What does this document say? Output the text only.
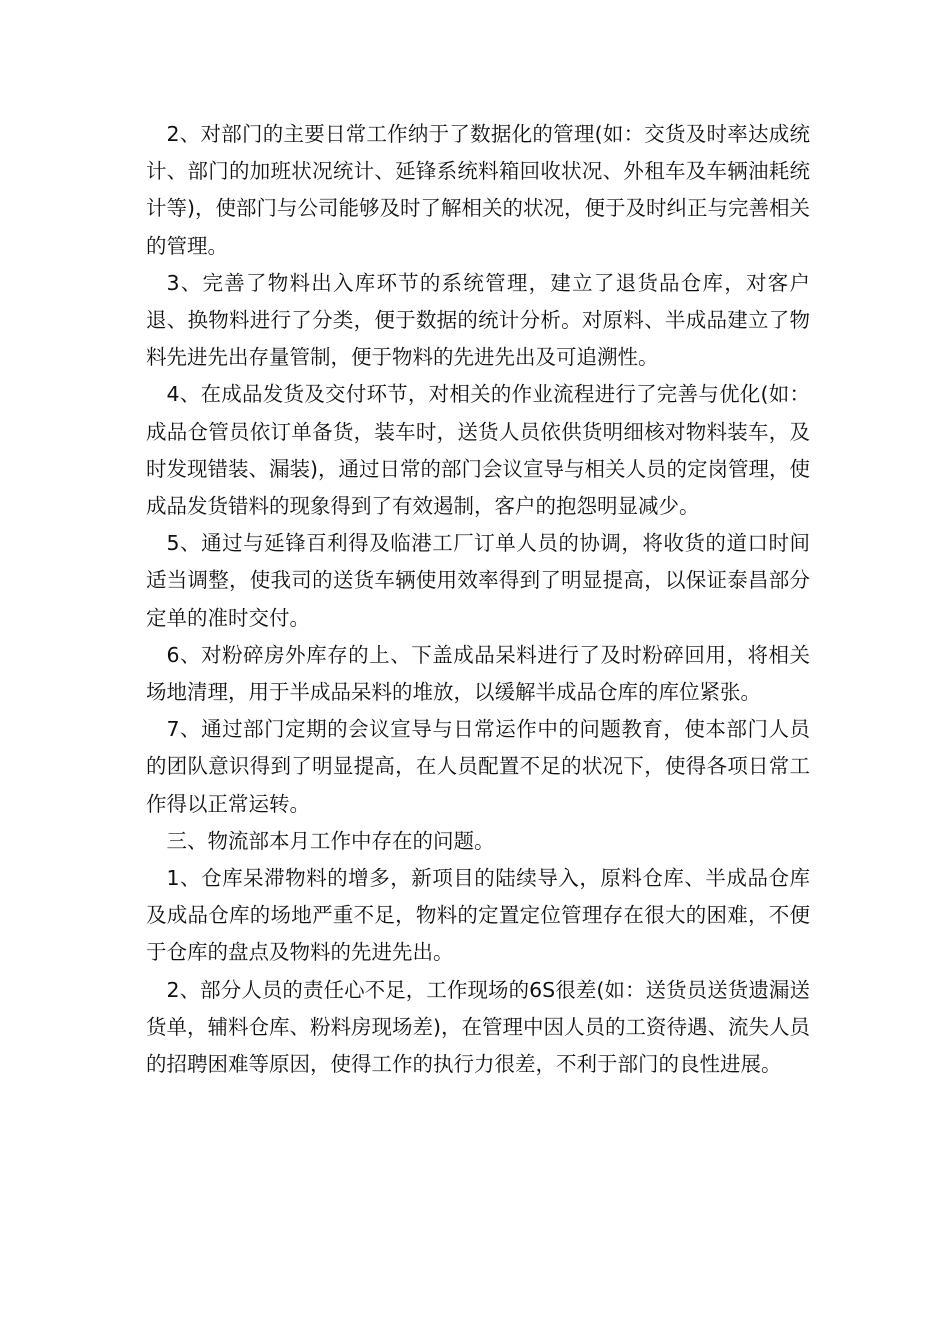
2、对部门的主要日常工作纳于了数据化的管理(如：交货及时率达成统计、部门的加班状况统计、延锋系统料箱回收状况、外租车及车辆油耗统计等)，使部门与公司能够及时了解相关的状况，便于及时纠正与完善相关的管理。

3、完善了物料出入库环节的系统管理，建立了退货品仓库，对客户退、换物料进行了分类，便于数据的统计分析。对原料、半成品建立了物料先进先出存量管制，便于物料的先进先出及可追溯性。

4、在成品发货及交付环节，对相关的作业流程进行了完善与优化(如：成品仓管员依订单备货，装车时，送货人员依供货明细核对物料装车，及时发现错装、漏装)，通过日常的部门会议宣导与相关人员的定岗管理，使成品发货错料的现象得到了有效遏制，客户的抱怨明显减少。

5、通过与延锋百利得及临港工厂订单人员的协调，将收货的道口时间适当调整，使我司的送货车辆使用效率得到了明显提高，以保证泰昌部分定单的准时交付。

6、对粉碎房外库存的上、下盖成品呆料进行了及时粉碎回用，将相关场地清理，用于半成品呆料的堆放，以缓解半成品仓库的库位紧张。

7、通过部门定期的会议宣导与日常运作中的问题教育，使本部门人员的团队意识得到了明显提高，在人员配置不足的状况下，使得各项日常工作得以正常运转。

三、物流部本月工作中存在的问题。

1、仓库呆滞物料的增多，新项目的陆续导入，原料仓库、半成品仓库及成品仓库的场地严重不足，物料的定置定位管理存在很大的困难，不便于仓库的盘点及物料的先进先出。

2、部分人员的责任心不足，工作现场的6S很差(如：送货员送货遗漏送货单，辅料仓库、粉料房现场差)，在管理中因人员的工资待遇、流失人员的招聘困难等原因，使得工作的执行力很差，不利于部门的良性进展。
